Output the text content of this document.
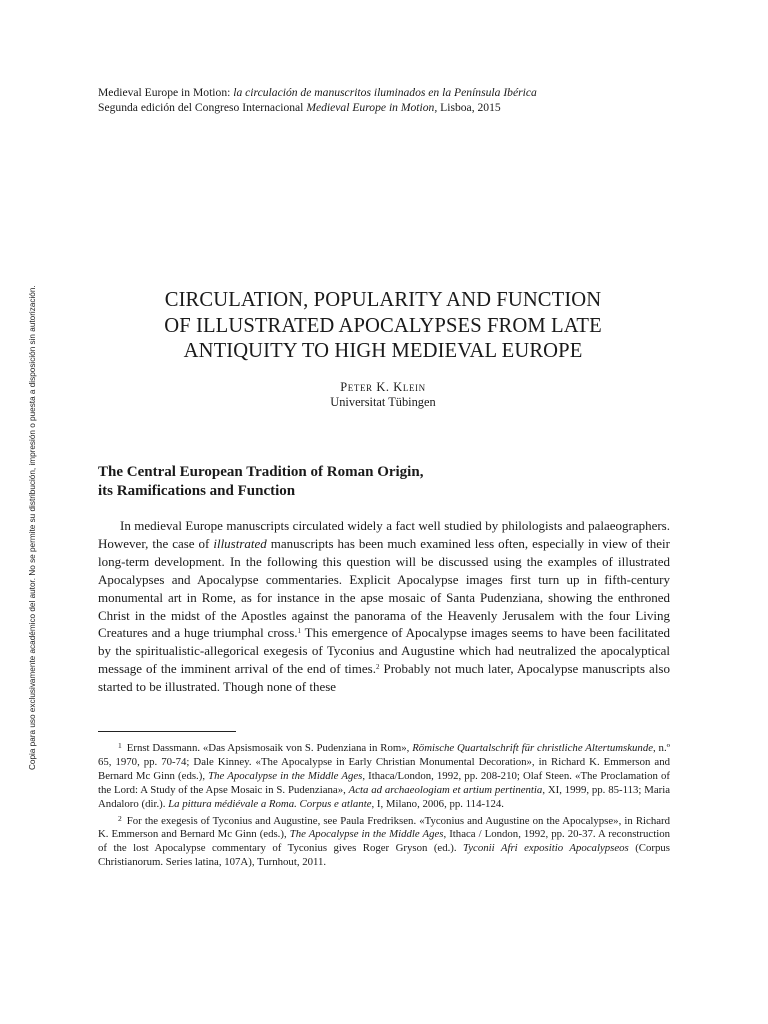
Medieval Europe in Motion: la circulación de manuscritos iluminados en la Península Ibérica

Segunda edición del Congreso Internacional Medieval Europe in Motion, Lisboa, 2015

Copia para uso exclusivamente académico del autor. No se permite su distribución, impresión o puesta a disposición sin autorización.	CIRCULATION, POPULARITY AND FUNCTION
OF ILLUSTRATED APOCALYPSES FROM LATE
ANTIQUITY TO HIGH MEDIEVAL EUROPE
Peter K. Klein
Universitat Tübingen
The Central European Tradition of Roman Origin,
its Ramifications and Function

In medieval Europe manuscripts circulated widely a fact well studied by philologists and palaeographers. However, the case of illustrated manuscripts has been much examined less often, especially in view of their long-term development. In the following this question will be discussed using the examples of illustrated Apocalypses and Apocalypse commentaries. Explicit Apocalypse images first turn up in fifth-century monumental art in Rome, as for instance in the apse mosaic of Santa Pudenziana, showing the enthroned Christ in the midst of the Apostles against the panorama of the Heavenly Jerusalem with the four Living Creatures and a huge triumphal cross.$^1$ This emergence of Apocalypse images seems to have been facilitated by the spiritualistic-allegorical exegesis of Tyconius and Augustine which had neutralized the apocalyptical message of the imminent arrival of the end of times.$^2$ Probably not much later, Apocalypse manuscripts also started to be illustrated. Though none of these

$^1$ Ernst Dassmann. «Das Apsismosaik von S. Pudenziana in Rom», Römische Quartalschrift für christliche Altertumskunde, n.º 65, 1970, pp. 70-74; Dale Kinney. «The Apocalypse in Early Christian Monumental Decoration», in Richard K. Emmerson and Bernard Mc Ginn (eds.), The Apocalypse in the Middle Ages, Ithaca/London, 1992, pp. 208-210; Olaf Steen. «The Proclamation of the Lord: A Study of the Apse Mosaic in S. Pudenziana», Acta ad archaeologiam et artium pertinentia, XI, 1999, pp. 85-113; Maria Andaloro (dir.). La pittura médiévale a Roma. Corpus e atlante, I, Milano, 2006, pp. 114-124.

$^2$ For the exegesis of Tyconius and Augustine, see Paula Fredriksen. «Tyconius and Augustine on the Apocalypse», in Richard K. Emmerson and Bernard Mc Ginn (eds.), The Apocalypse in the Middle Ages, Ithaca / London, 1992, pp. 20-37. A reconstruction of the lost Apocalypse commentary of Tyconius gives Roger Gryson (ed.). Tyconii Afri expositio Apocalypseos (Corpus Christianorum. Series latina, 107A), Turnhout, 2011.
